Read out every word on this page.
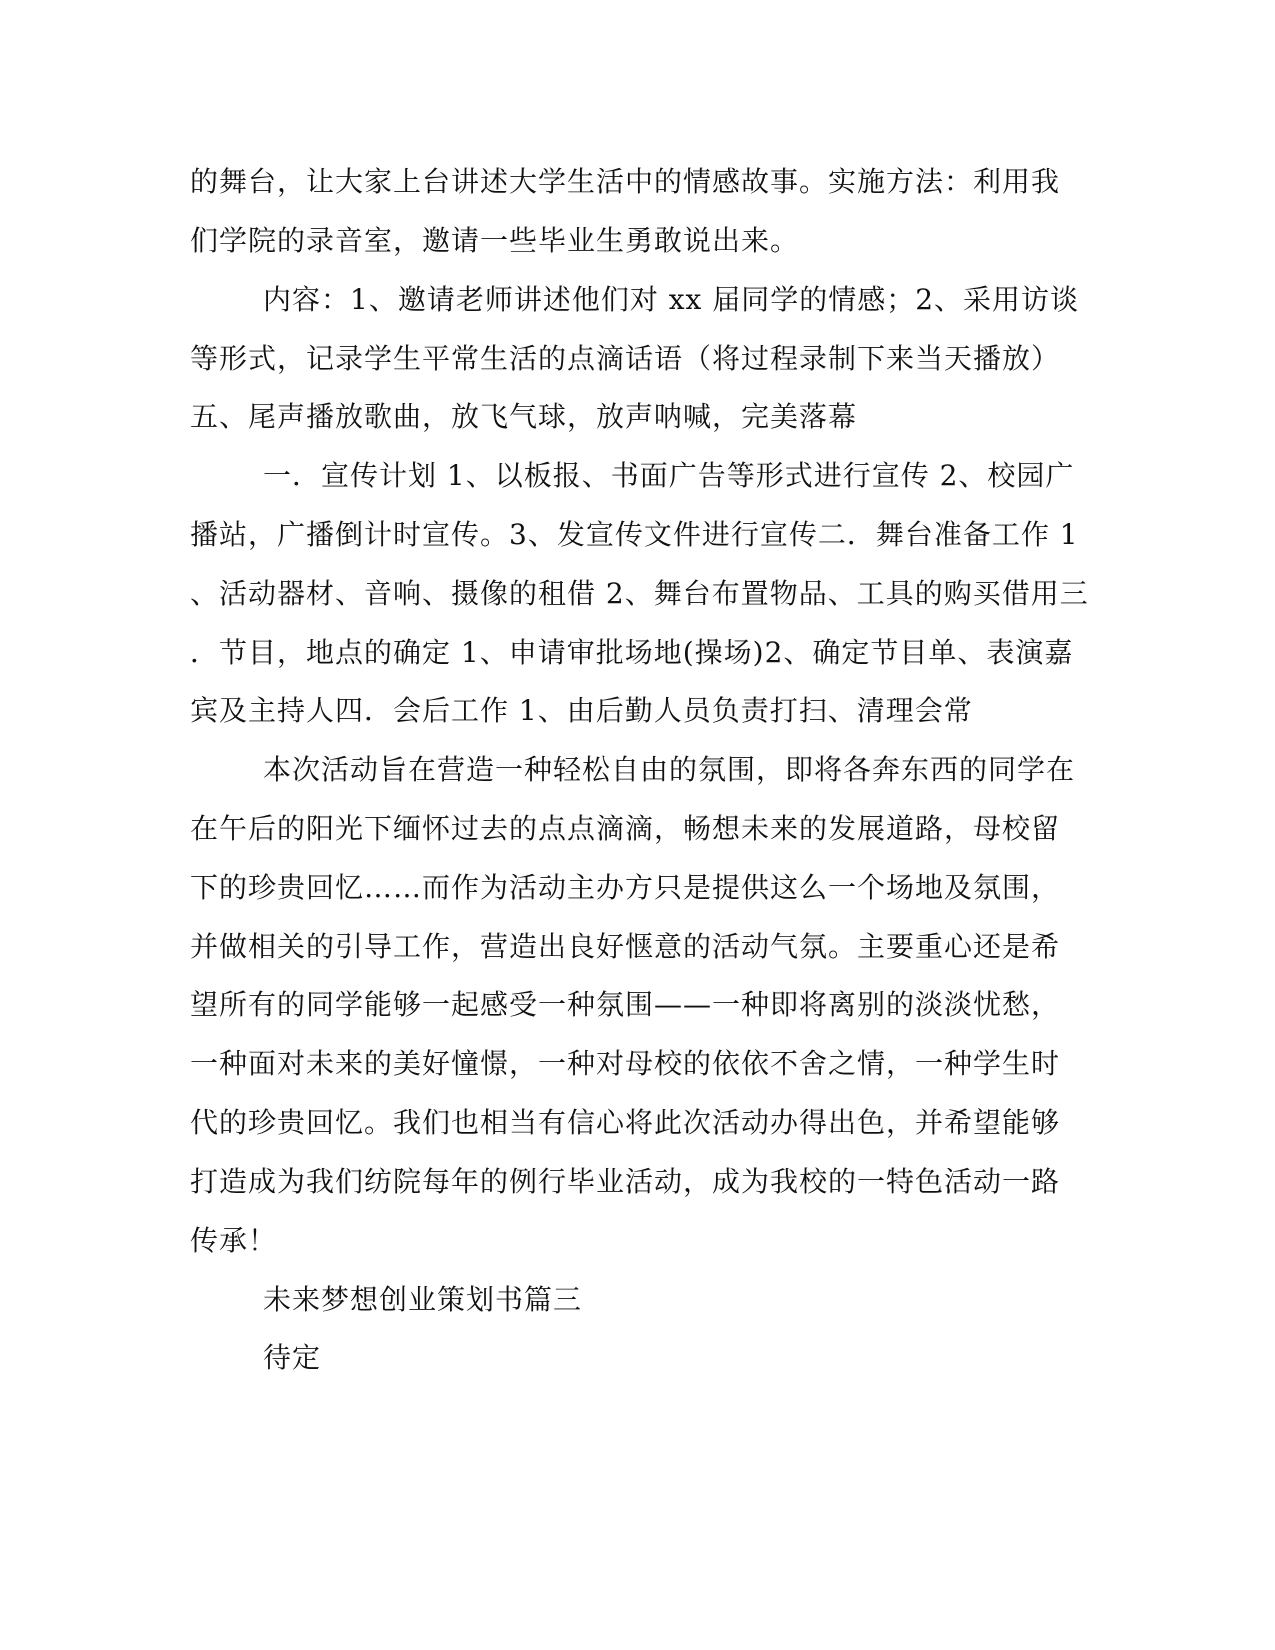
的舞台，让大家上台讲述大学生活中的情感故事。实施方法：利用我
们学院的录音室，邀请一些毕业生勇敢说出来。
内容：1、邀请老师讲述他们对 xx 届同学的情感；2、采用访谈
等形式，记录学生平常生活的点滴话语（将过程录制下来当天播放）
五、尾声播放歌曲，放飞气球，放声呐喊，完美落幕
一．宣传计划 1、以板报、书面广告等形式进行宣传 2、校园广
播站，广播倒计时宣传。3、发宣传文件进行宣传二．舞台准备工作 1
、活动器材、音响、摄像的租借 2、舞台布置物品、工具的购买借用三
．节目，地点的确定 1、申请审批场地(操场)2、确定节目单、表演嘉
宾及主持人四．会后工作 1、由后勤人员负责打扫、清理会常
本次活动旨在营造一种轻松自由的氛围，即将各奔东西的同学在
在午后的阳光下缅怀过去的点点滴滴，畅想未来的发展道路，母校留
下的珍贵回忆……而作为活动主办方只是提供这么一个场地及氛围，
并做相关的引导工作，营造出良好惬意的活动气氛。主要重心还是希
望所有的同学能够一起感受一种氛围——一种即将离别的淡淡忧愁，
一种面对未来的美好憧憬，一种对母校的依依不舍之情，一种学生时
代的珍贵回忆。我们也相当有信心将此次活动办得出色，并希望能够
打造成为我们纺院每年的例行毕业活动，成为我校的一特色活动一路
传承！
未来梦想创业策划书篇三
待定
